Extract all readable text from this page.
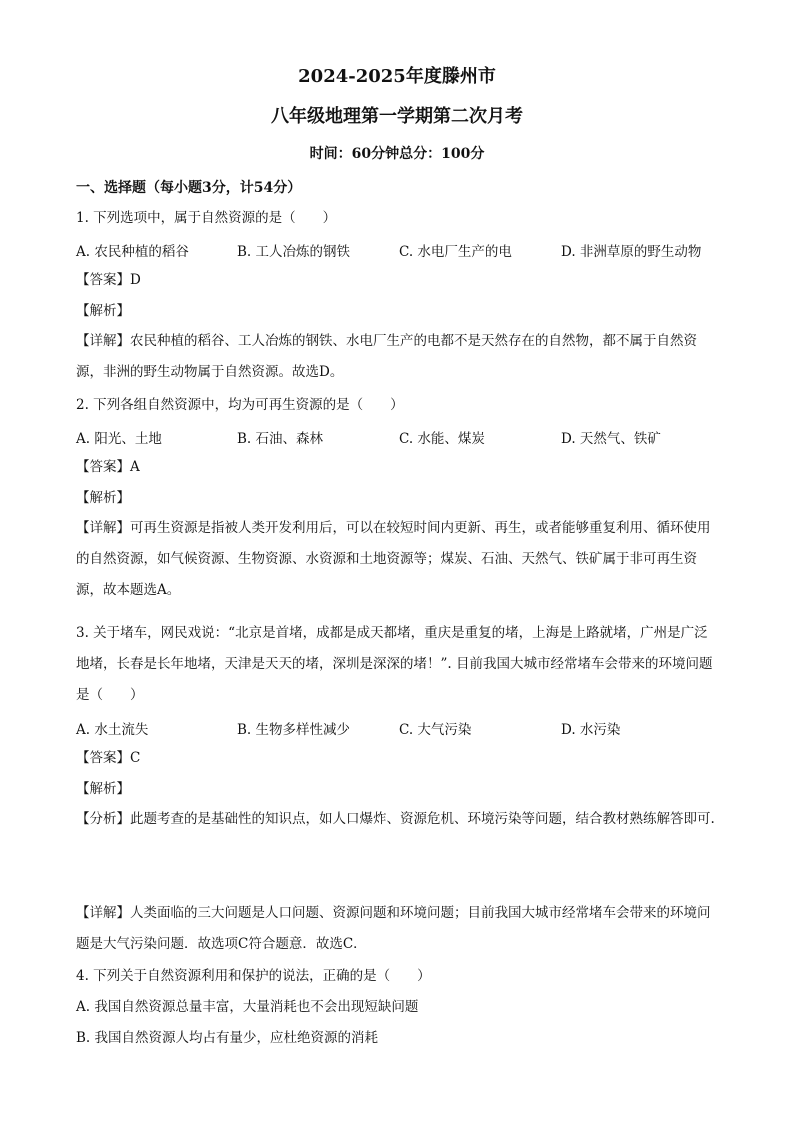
2024-2025年度滕州市
八年级地理第一学期第二次月考
时间：60分钟总分：100分
一、选择题（每小题3分，计54分）
1. 下列选项中，属于自然资源的是（　　）
A. 农民种植的稻谷	B. 工人冶炼的钢铁	C. 水电厂生产的电	D. 非洲草原的野生动物
【答案】D
【解析】
【详解】农民种植的稻谷、工人冶炼的钢铁、水电厂生产的电都不是天然存在的自然物，都不属于自然资源，非洲的野生动物属于自然资源。故选D。
2. 下列各组自然资源中，均为可再生资源的是（　　）
A. 阳光、土地	B. 石油、森林	C. 水能、煤炭	D. 天然气、铁矿
【答案】A
【解析】
【详解】可再生资源是指被人类开发利用后，可以在较短时间内更新、再生，或者能够重复利用、循环使用的自然资源，如气候资源、生物资源、水资源和土地资源等；煤炭、石油、天然气、铁矿属于非可再生资源，故本题选A。
3. 关于堵车，网民戏说：“北京是首堵，成都是成天都堵，重庆是重复的堵，上海是上路就堵，广州是广泛地堵，长春是长年地堵，天津是天天的堵，深圳是深深的堵！”. 目前我国大城市经常堵车会带来的环境问题是（　　）
A. 水土流失	B. 生物多样性减少	C. 大气污染	D. 水污染
【答案】C
【解析】
【分析】此题考查的是基础性的知识点，如人口爆炸、资源危机、环境污染等问题，结合教材熟练解答即可.
【详解】人类面临的三大问题是人口问题、资源问题和环境问题；目前我国大城市经常堵车会带来的环境问题是大气污染问题．故选项C符合题意．故选C．
4. 下列关于自然资源利用和保护的说法，正确的是（　　）
A. 我国自然资源总量丰富，大量消耗也不会出现短缺问题
B. 我国自然资源人均占有量少，应杜绝资源的消耗
